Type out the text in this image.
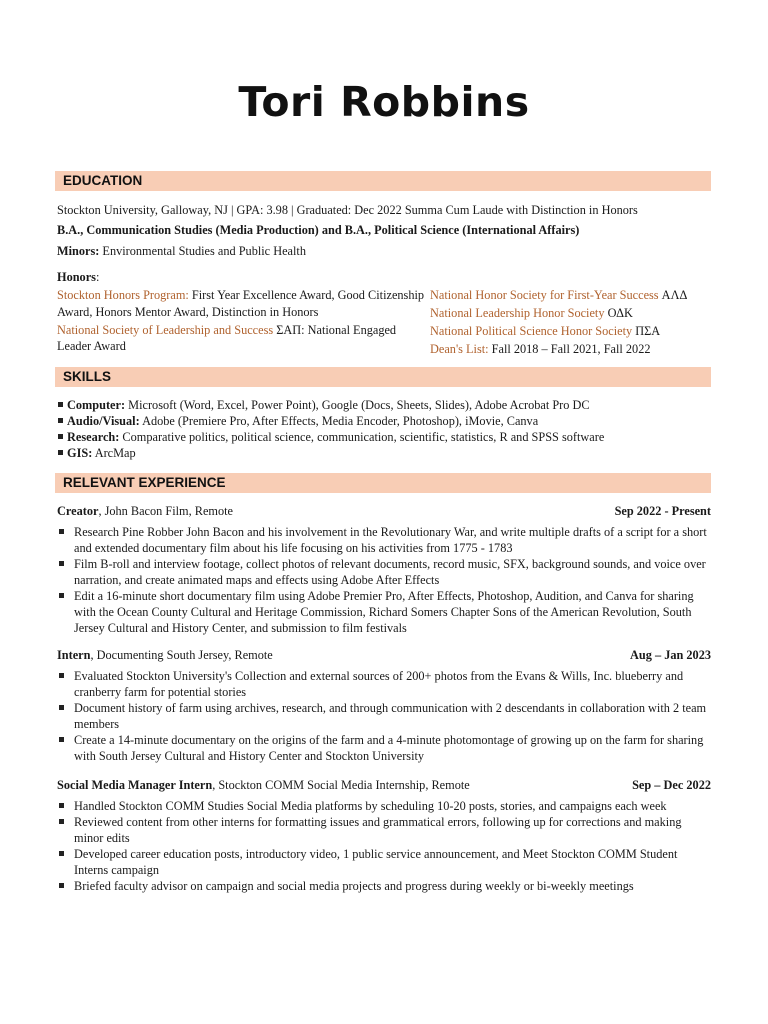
Tori Robbins
EDUCATION
Stockton University, Galloway, NJ | GPA: 3.98 | Graduated: Dec 2022 Summa Cum Laude with Distinction in Honors
B.A., Communication Studies (Media Production) and B.A., Political Science (International Affairs)
Minors: Environmental Studies and Public Health
Honors:
Stockton Honors Program: First Year Excellence Award, Good Citizenship Award, Honors Mentor Award, Distinction in Honors
National Society of Leadership and Success ΣΑΠ: National Engaged Leader Award
National Honor Society for First-Year Success ΑΛΔ
National Leadership Honor Society ΟΔΚ
National Political Science Honor Society ΠΣΑ
Dean's List: Fall 2018 – Fall 2021, Fall 2022
SKILLS
Computer: Microsoft (Word, Excel, Power Point), Google (Docs, Sheets, Slides), Adobe Acrobat Pro DC
Audio/Visual: Adobe (Premiere Pro, After Effects, Media Encoder, Photoshop), iMovie, Canva
Research: Comparative politics, political science, communication, scientific, statistics, R and SPSS software
GIS: ArcMap
RELEVANT EXPERIENCE
Creator, John Bacon Film, Remote	Sep 2022 - Present
Research Pine Robber John Bacon and his involvement in the Revolutionary War, and write multiple drafts of a script for a short and extended documentary film about his life focusing on his activities from 1775 - 1783
Film B-roll and interview footage, collect photos of relevant documents, record music, SFX, background sounds, and voice over narration, and create animated maps and effects using Adobe After Effects
Edit a 16-minute short documentary film using Adobe Premier Pro, After Effects, Photoshop, Audition, and Canva for sharing with the Ocean County Cultural and Heritage Commission, Richard Somers Chapter Sons of the American Revolution, South Jersey Cultural and History Center, and submission to film festivals
Intern, Documenting South Jersey, Remote	Aug – Jan 2023
Evaluated Stockton University's Collection and external sources of 200+ photos from the Evans & Wills, Inc. blueberry and cranberry farm for potential stories
Document history of farm using archives, research, and through communication with 2 descendants in collaboration with 2 team members
Create a 14-minute documentary on the origins of the farm and a 4-minute photomontage of growing up on the farm for sharing with South Jersey Cultural and History Center and Stockton University
Social Media Manager Intern, Stockton COMM Social Media Internship, Remote	Sep – Dec 2022
Handled Stockton COMM Studies Social Media platforms by scheduling 10-20 posts, stories, and campaigns each week
Reviewed content from other interns for formatting issues and grammatical errors, following up for corrections and making minor edits
Developed career education posts, introductory video, 1 public service announcement, and Meet Stockton COMM Student Interns campaign
Briefed faculty advisor on campaign and social media projects and progress during weekly or bi-weekly meetings
